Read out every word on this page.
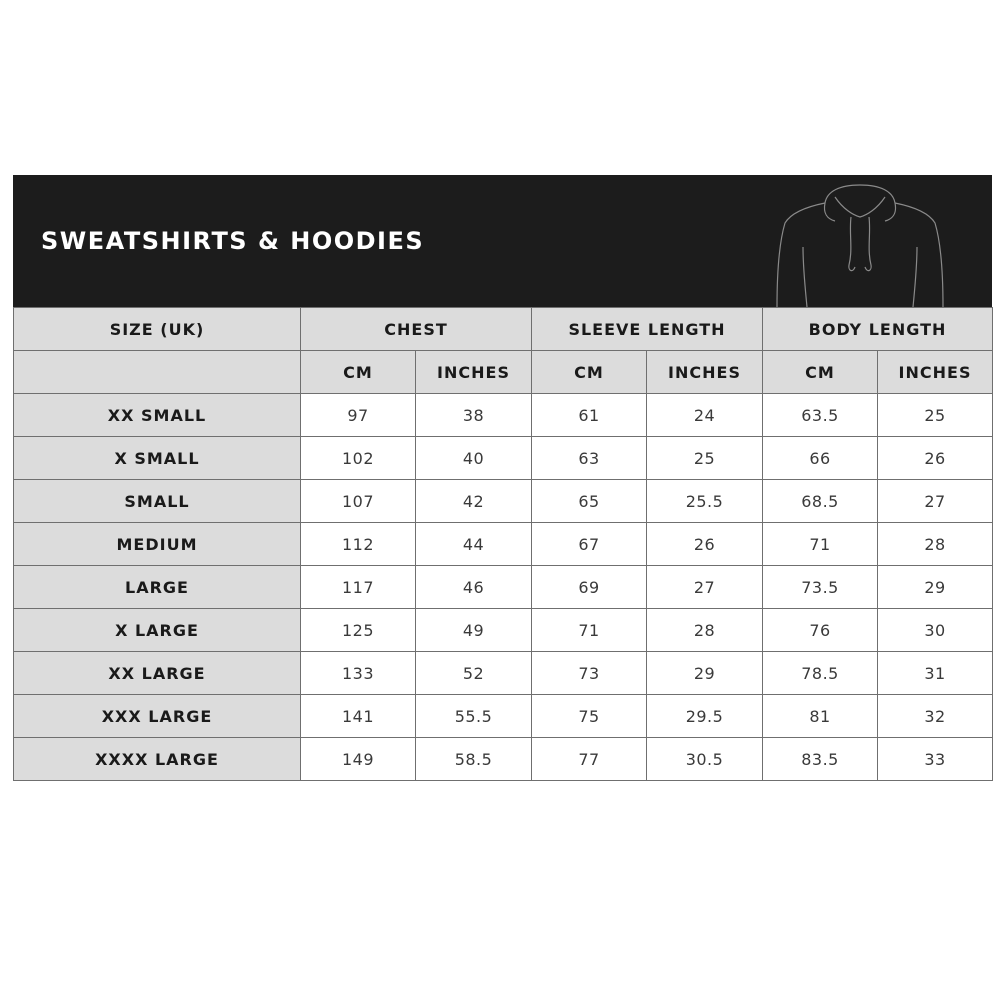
SWEATSHIRTS & HOODIES
SIZE (UK)	CHEST		SLEEVE LENGTH		BODY LENGTH	
	CM	INCHES	CM	INCHES	CM	INCHES
XX SMALL	97	38	61	24	63.5	25
X SMALL	102	40	63	25	66	26
SMALL	107	42	65	25.5	68.5	27
MEDIUM	112	44	67	26	71	28
LARGE	117	46	69	27	73.5	29
X LARGE	125	49	71	28	76	30
XX LARGE	133	52	73	29	78.5	31
XXX LARGE	141	55.5	75	29.5	81	32
XXXX LARGE	149	58.5	77	30.5	83.5	33
